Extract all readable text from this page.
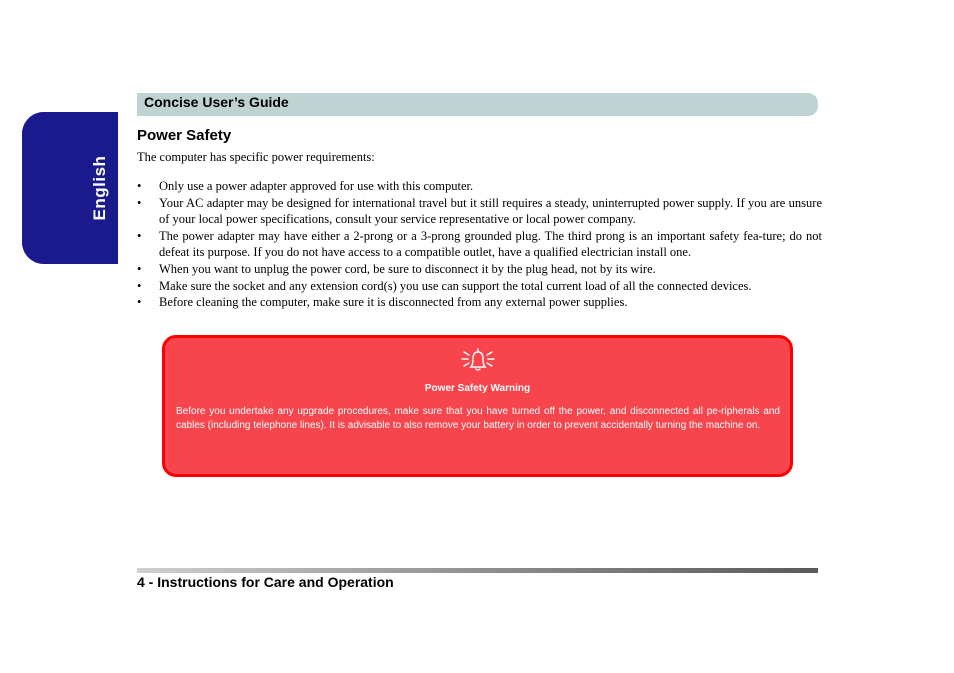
English
Concise User’s Guide
Power Safety
The computer has specific power requirements:
• Only use a power adapter approved for use with this computer.
• Your AC adapter may be designed for international travel but it still requires a steady, uninterrupted power supply. If you are unsure of your local power specifications, consult your service representative or local power company.
• The power adapter may have either a 2-prong or a 3-prong grounded plug. The third prong is an important safety fea-ture; do not defeat its purpose. If you do not have access to a compatible outlet, have a qualified electrician install one.
• When you want to unplug the power cord, be sure to disconnect it by the plug head, not by its wire.
• Make sure the socket and any extension cord(s) you use can support the total current load of all the connected devices.
• Before cleaning the computer, make sure it is disconnected from any external power supplies.
Power Safety Warning
Before you undertake any upgrade procedures, make sure that you have turned off the power, and disconnected all pe-ripherals and cables (including telephone lines). It is advisable to also remove your battery in order to prevent accidentally turning the machine on.
4 - Instructions for Care and Operation
